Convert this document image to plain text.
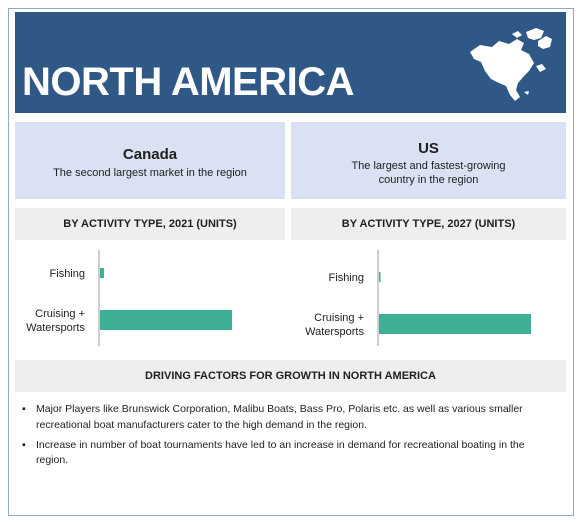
NORTH AMERICA
Canada
The second largest market in the region
US
The largest and fastest-growing
country in the region
BY ACTIVITY TYPE, 2021 (UNITS)	BY ACTIVITY TYPE, 2027 (UNITS)
Fishing
Cruising +
Watersports
Fishing
Cruising +
Watersports
DRIVING FACTORS FOR GROWTH IN NORTH AMERICA
▪ Major Players like Brunswick Corporation, Malibu Boats, Bass Pro, Polaris etc. as well as various smaller recreational boat manufacturers cater to the high demand in the region.
▪ Increase in number of boat tournaments have led to an increase in demand for recreational boating in the region.
